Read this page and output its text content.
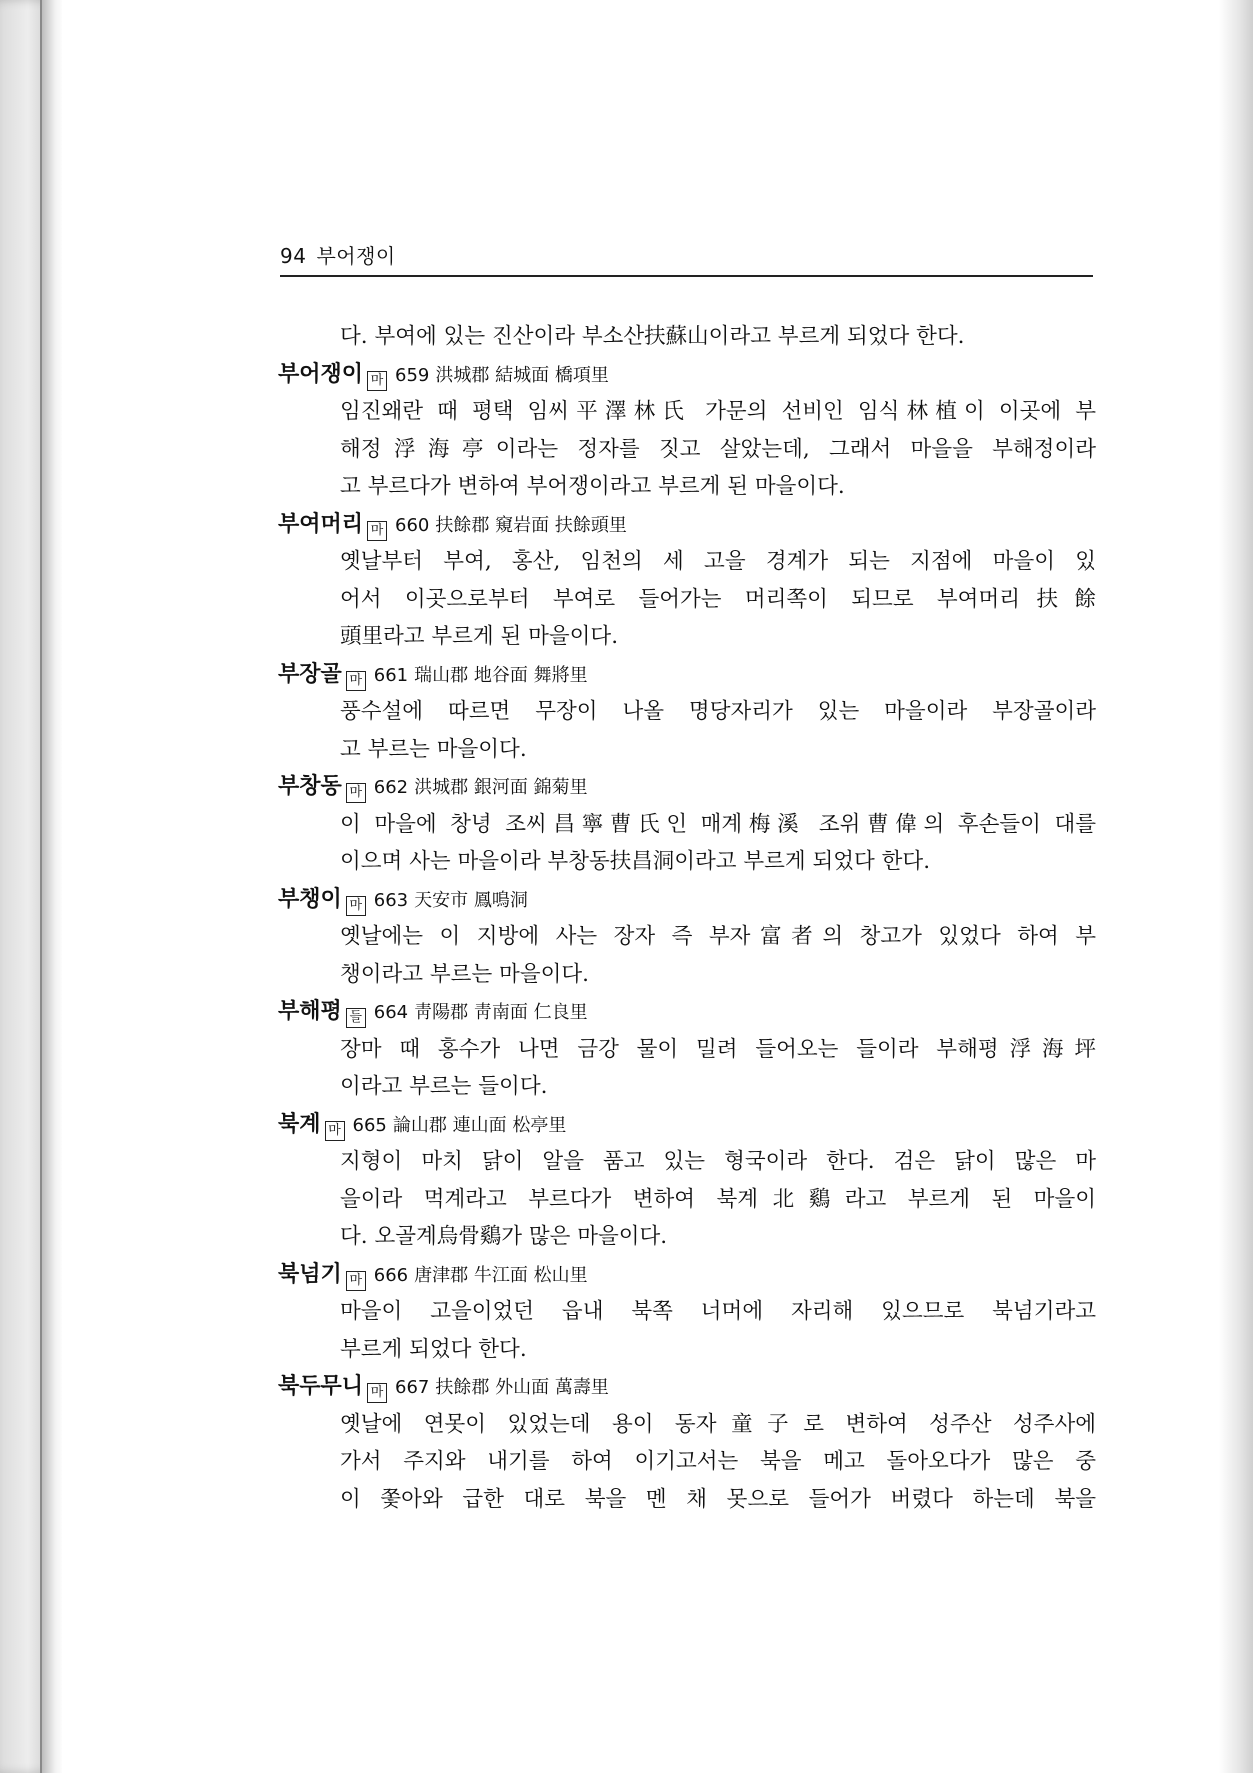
94 부어쟁이
다. 부여에 있는 진산이라 부소산扶蘇山이라고 부르게 되었다 한다.
부어쟁이 마 659 洪城郡 結城面 橋項里
임진왜란 때 평택 임씨平澤林氏 가문의 선비인 임식林植이 이곳에 부
해정浮海亭이라는 정자를 짓고 살았는데, 그래서 마을을 부해정이라
고 부르다가 변하여 부어쟁이라고 부르게 된 마을이다.
부여머리 마 660 扶餘郡 窺岩面 扶餘頭里
옛날부터 부여, 홍산, 임천의 세 고을 경계가 되는 지점에 마을이 있
어서 이곳으로부터 부여로 들어가는 머리쪽이 되므로 부여머리扶餘
頭里라고 부르게 된 마을이다.
부장골 마 661 瑞山郡 地谷面 舞將里
풍수설에 따르면 무장이 나올 명당자리가 있는 마을이라 부장골이라
고 부르는 마을이다.
부창동 마 662 洪城郡 銀河面 錦菊里
이 마을에 창녕 조씨昌寧曹氏인 매계梅溪 조위曹偉의 후손들이 대를
이으며 사는 마을이라 부창동扶昌洞이라고 부르게 되었다 한다.
부챙이 마 663 天安市 鳳鳴洞
옛날에는 이 지방에 사는 장자 즉 부자富者의 창고가 있었다 하여 부
챙이라고 부르는 마을이다.
부해평 들 664 靑陽郡 靑南面 仁良里
장마 때 홍수가 나면 금강 물이 밀려 들어오는 들이라 부해평浮海坪
이라고 부르는 들이다.
북계 마 665 論山郡 連山面 松亭里
지형이 마치 닭이 알을 품고 있는 형국이라 한다. 검은 닭이 많은 마
을이라 먹계라고 부르다가 변하여 북계北鷄라고 부르게 된 마을이
다. 오골계烏骨鷄가 많은 마을이다.
북넘기 마 666 唐津郡 牛江面 松山里
마을이 고을이었던 읍내 북쪽 너머에 자리해 있으므로 북넘기라고
부르게 되었다 한다.
북두무니 마 667 扶餘郡 外山面 萬壽里
옛날에 연못이 있었는데 용이 동자童子로 변하여 성주산 성주사에
가서 주지와 내기를 하여 이기고서는 북을 메고 돌아오다가 많은 중
이 쫓아와 급한 대로 북을 멘 채 못으로 들어가 버렸다 하는데 북을
